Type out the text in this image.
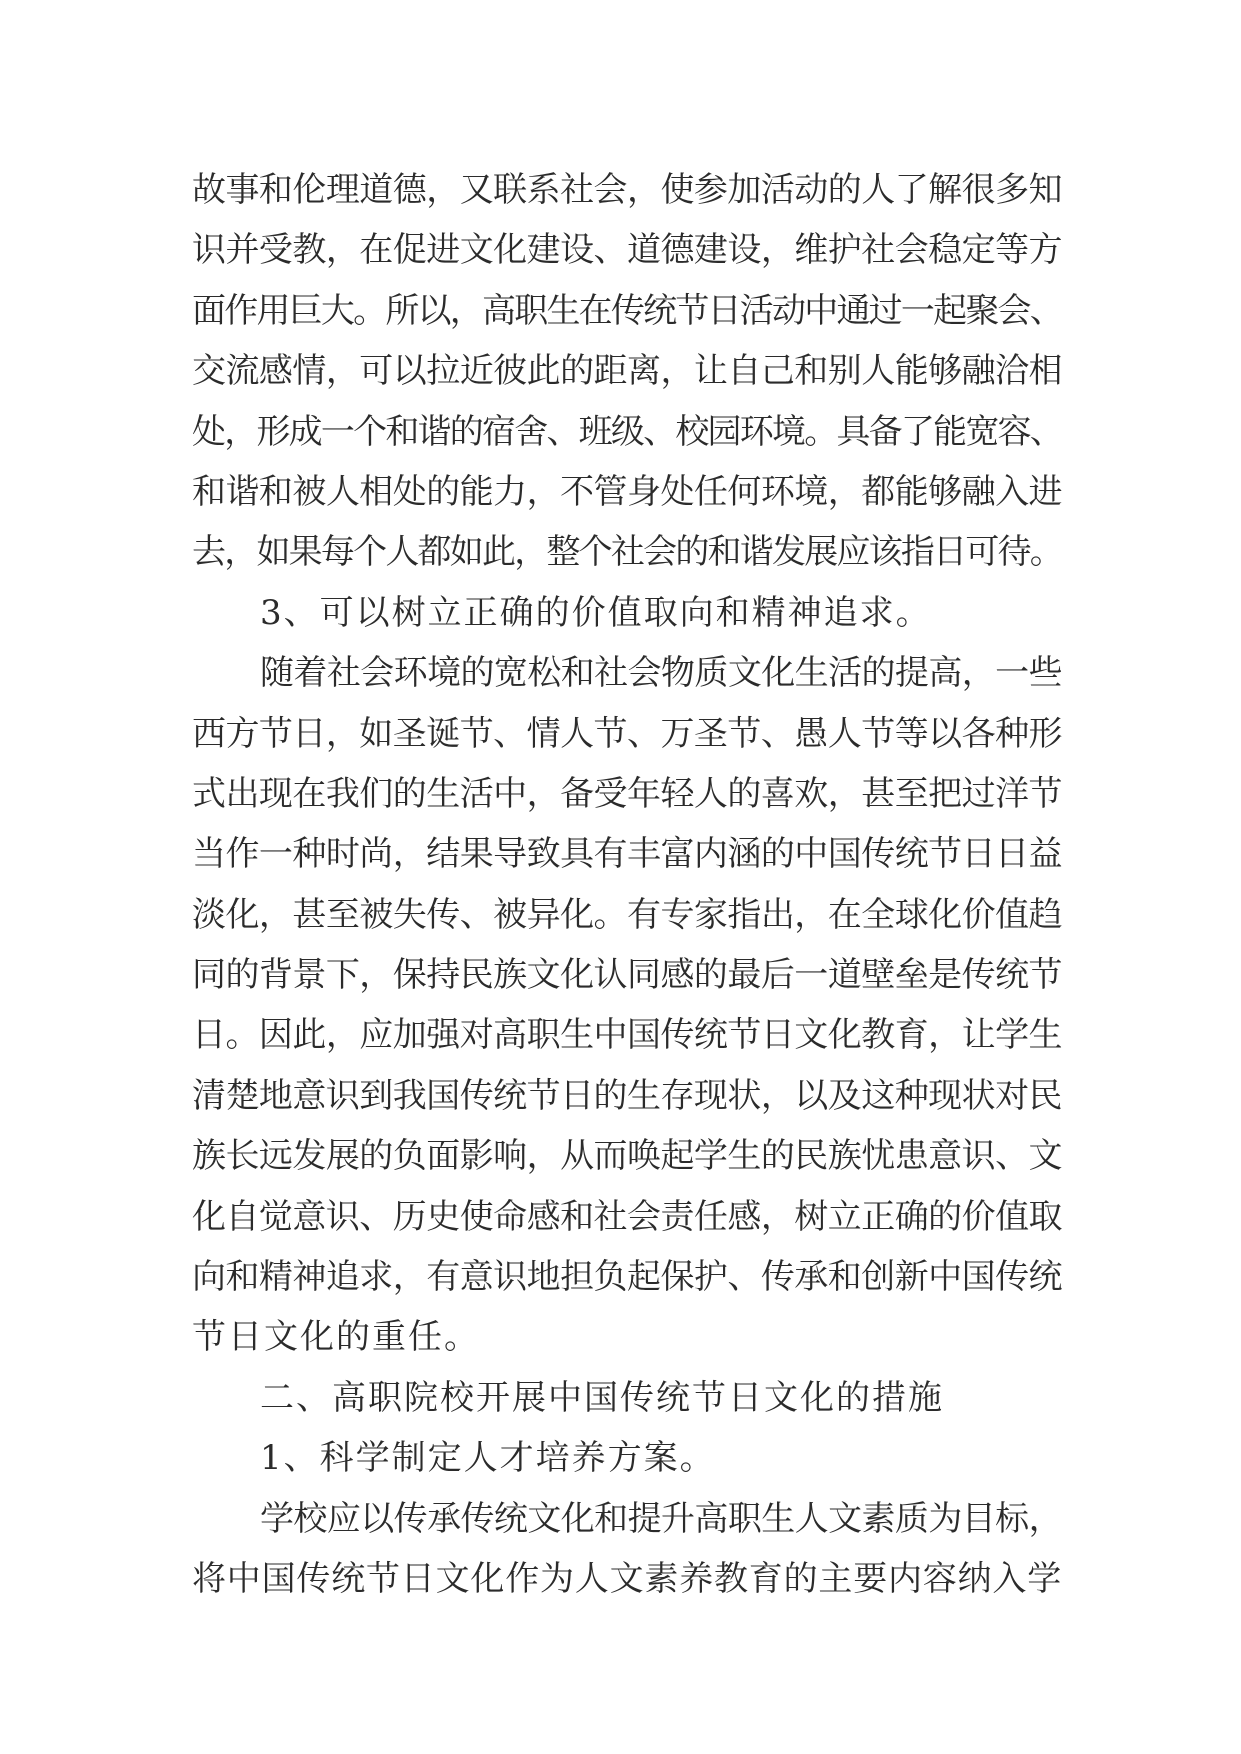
故事和伦理道德，又联系社会，使参加活动的人了解很多知
识并受教，在促进文化建设、道德建设，维护社会稳定等方
面作用巨大。所以，高职生在传统节日活动中通过一起聚会、
交流感情，可以拉近彼此的距离，让自己和别人能够融洽相
处，形成一个和谐的宿舍、班级、校园环境。具备了能宽容、
和谐和被人相处的能力，不管身处任何环境，都能够融入进
去，如果每个人都如此，整个社会的和谐发展应该指日可待。
3、可以树立正确的价值取向和精神追求。
随着社会环境的宽松和社会物质文化生活的提高，一些
西方节日，如圣诞节、情人节、万圣节、愚人节等以各种形
式出现在我们的生活中，备受年轻人的喜欢，甚至把过洋节
当作一种时尚，结果导致具有丰富内涵的中国传统节日日益
淡化，甚至被失传、被异化。有专家指出，在全球化价值趋
同的背景下，保持民族文化认同感的最后一道壁垒是传统节
日。因此，应加强对高职生中国传统节日文化教育，让学生
清楚地意识到我国传统节日的生存现状，以及这种现状对民
族长远发展的负面影响，从而唤起学生的民族忧患意识、文
化自觉意识、历史使命感和社会责任感，树立正确的价值取
向和精神追求，有意识地担负起保护、传承和创新中国传统
节日文化的重任。
二、高职院校开展中国传统节日文化的措施
1、科学制定人才培养方案。
学校应以传承传统文化和提升高职生人文素质为目标，
将中国传统节日文化作为人文素养教育的主要内容纳入学
